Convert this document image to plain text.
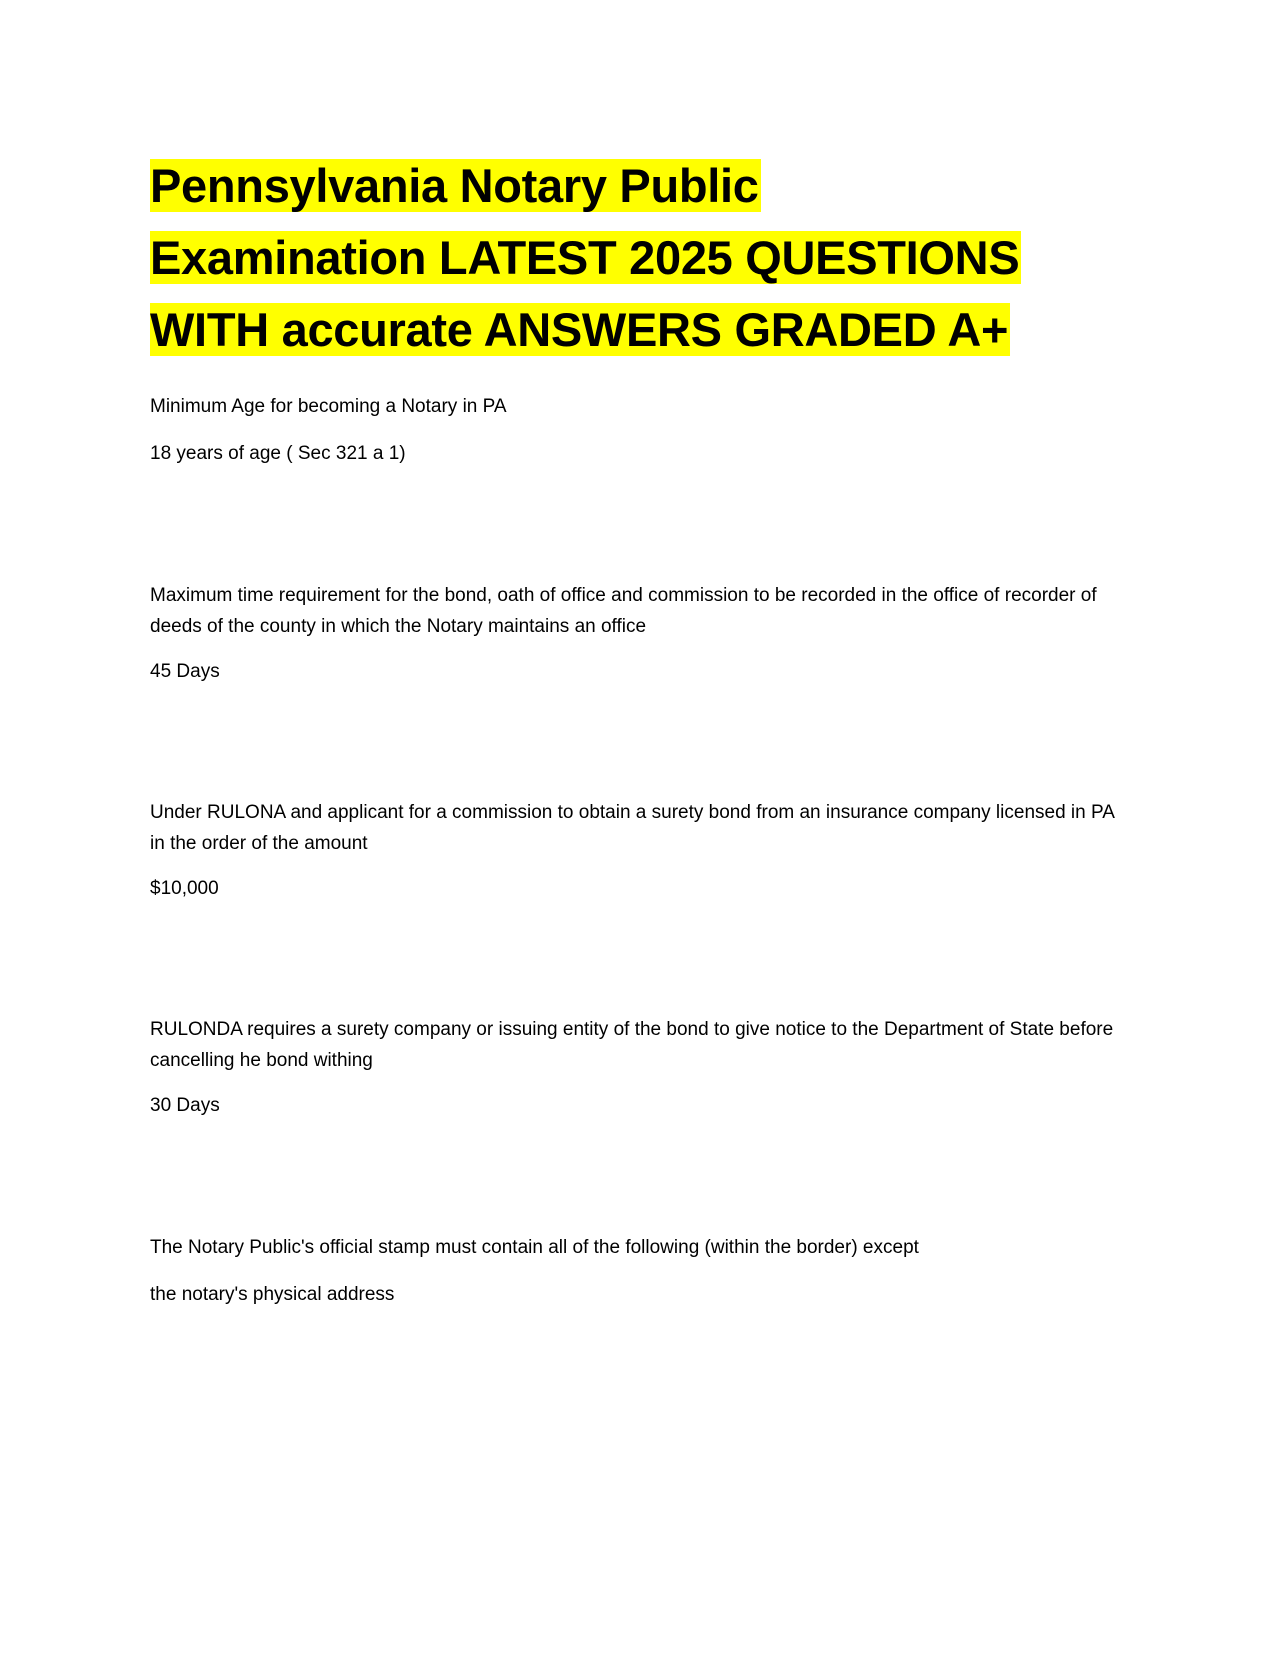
Pennsylvania Notary Public
Examination LATEST 2025 QUESTIONS
WITH accurate ANSWERS GRADED A+

Minimum Age for becoming a Notary in PA

18 years of age ( Sec 321 a 1)

Maximum time requirement for the bond, oath of office and commission to be recorded in the office of recorder of deeds of the county in which the Notary maintains an office

45 Days

Under RULONA and applicant for a commission to obtain a surety bond from an insurance company licensed in PA in the order of the amount

$10,000

RULONDA requires a surety company or issuing entity of the bond to give notice to the Department of State before cancelling he bond withing

30 Days

The Notary Public's official stamp must contain all of the following (within the border) except

the notary's physical address
